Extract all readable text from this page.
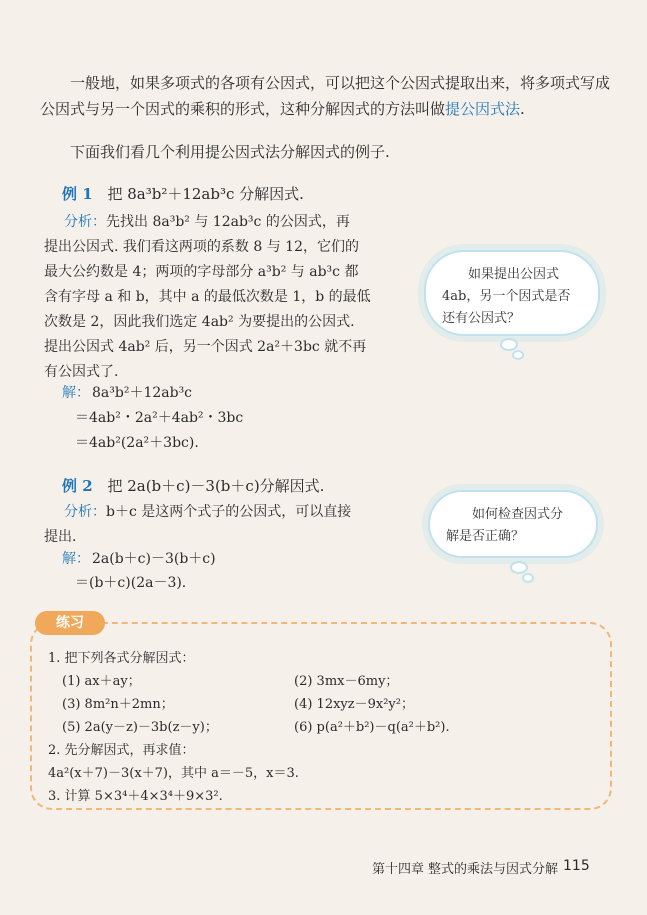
一般地，如果多项式的各项有公因式，可以把这个公因式提取出来，将多项式写成公因式与另一个因式的乘积的形式，这种分解因式的方法叫做提公因式法.

下面我们看几个利用提公因式法分解因式的例子.

例 1 把 8a³b²＋12ab³c 分解因式.
分析：先找出 8a³b² 与 12ab³c 的公因式，再
提出公因式. 我们看这两项的系数 8 与 12，它们的
最大公约数是 4；两项的字母部分 a³b² 与 ab³c 都
含有字母 a 和 b，其中 a 的最低次数是 1，b 的最低
次数是 2，因此我们选定 4ab² 为要提出的公因式.
提出公因式 4ab² 后，另一个因式 2a²＋3bc 就不再
有公因式了.
解： 8a³b²＋12ab³c
＝4ab²・2a²＋4ab²・3bc
＝4ab²(2a²＋3bc).
如果提出公因式
4ab，另一个因式是否
还有公因式？
例 2 把 2a(b＋c)－3(b＋c)分解因式.
分析：b＋c 是这两个式子的公因式，可以直接
提出.
解： 2a(b＋c)－3(b＋c)
＝(b＋c)(2a－3).
如何检查因式分
解是否正确？
练习
1. 把下列各式分解因式：
(1) ax＋ay；	(2) 3mx－6my；
(3) 8m²n＋2mn；	(4) 12xyz－9x²y²；
(5) 2a(y－z)－3b(z－y)；	(6) p(a²＋b²)－q(a²＋b²).
2. 先分解因式，再求值：
4a²(x＋7)－3(x＋7)，其中 a＝－5，x＝3.
3. 计算 5×3⁴＋4×3⁴＋9×3².
第十四章 整式的乘法与因式分解 115
